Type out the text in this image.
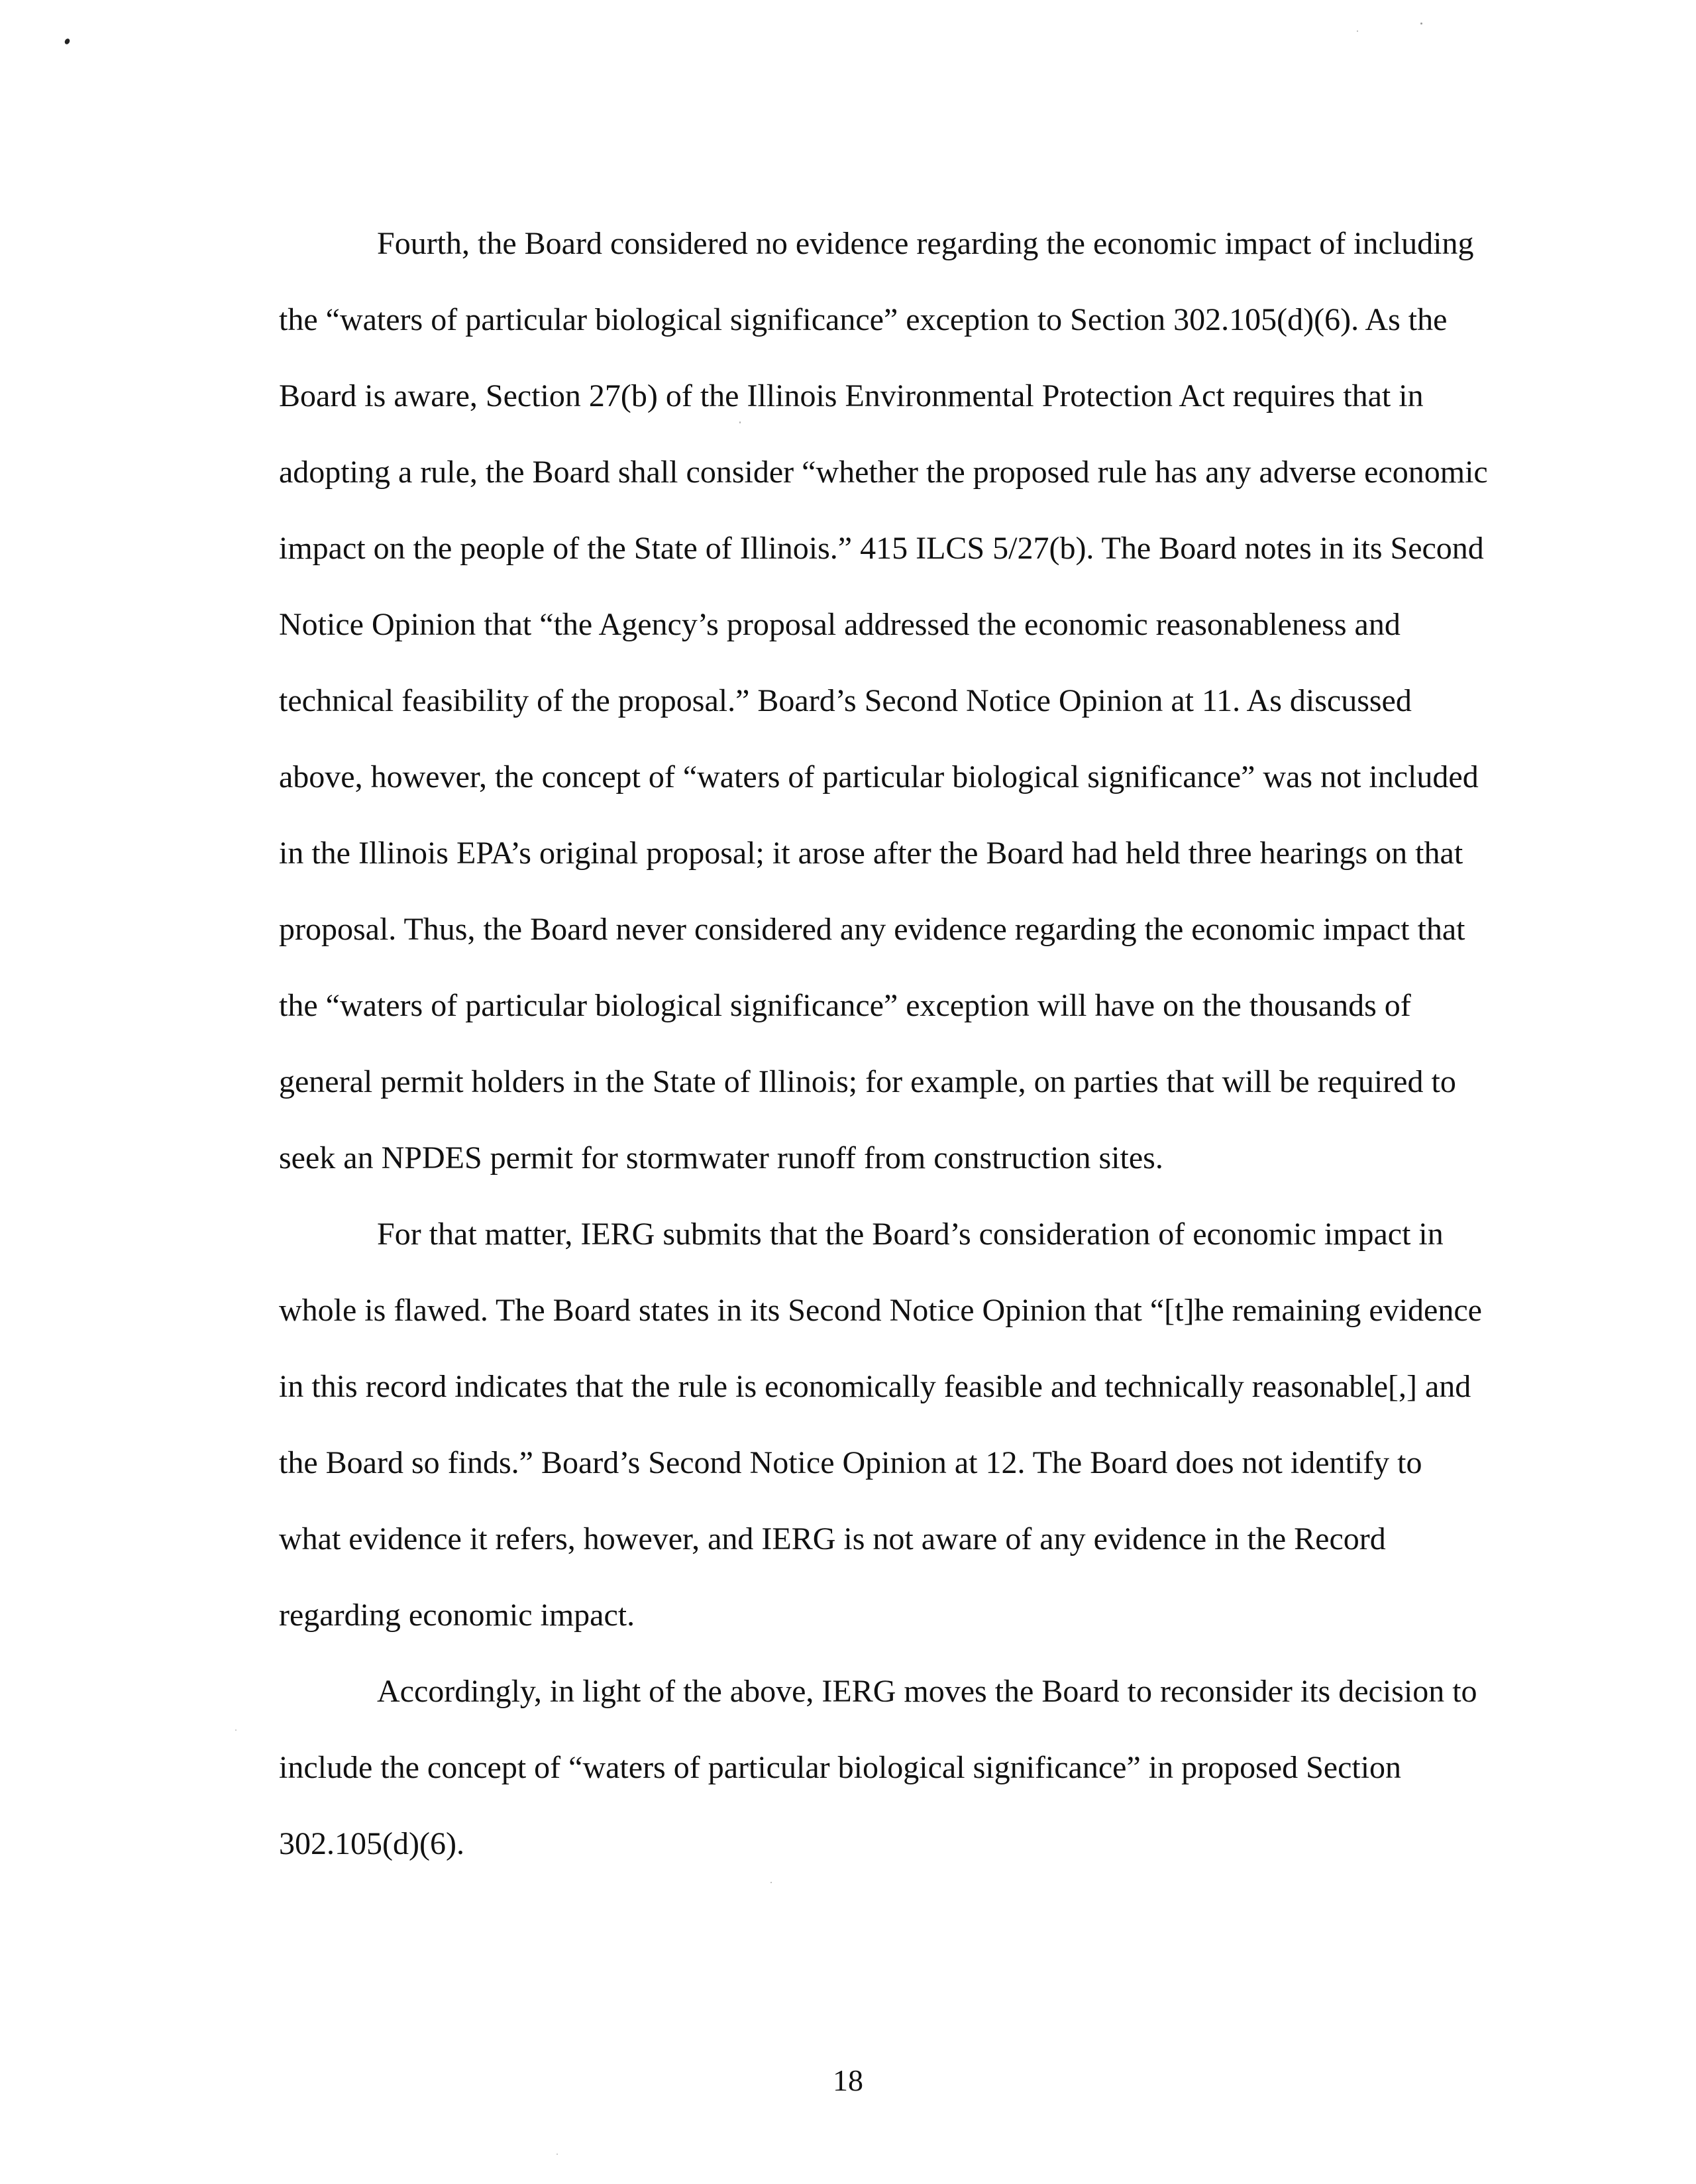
Fourth, the Board considered no evidence regarding the economic impact of including the “waters of particular biological significance” exception to Section 302.105(d)(6). As the Board is aware, Section 27(b) of the Illinois Environmental Protection Act requires that in adopting a rule, the Board shall consider “whether the proposed rule has any adverse economic impact on the people of the State of Illinois.” 415 ILCS 5/27(b). The Board notes in its Second Notice Opinion that “the Agency’s proposal addressed the economic reasonableness and technical feasibility of the proposal.” Board’s Second Notice Opinion at 11. As discussed above, however, the concept of “waters of particular biological significance” was not included in the Illinois EPA’s original proposal; it arose after the Board had held three hearings on that proposal. Thus, the Board never considered any evidence regarding the economic impact that the “waters of particular biological significance” exception will have on the thousands of general permit holders in the State of Illinois; for example, on parties that will be required to seek an NPDES permit for stormwater runoff from construction sites.

For that matter, IERG submits that the Board’s consideration of economic impact in whole is flawed. The Board states in its Second Notice Opinion that “[t]he remaining evidence in this record indicates that the rule is economically feasible and technically reasonable[,] and the Board so finds.” Board’s Second Notice Opinion at 12. The Board does not identify to what evidence it refers, however, and IERG is not aware of any evidence in the Record regarding economic impact.

Accordingly, in light of the above, IERG moves the Board to reconsider its decision to include the concept of “waters of particular biological significance” in proposed Section 302.105(d)(6).

18
